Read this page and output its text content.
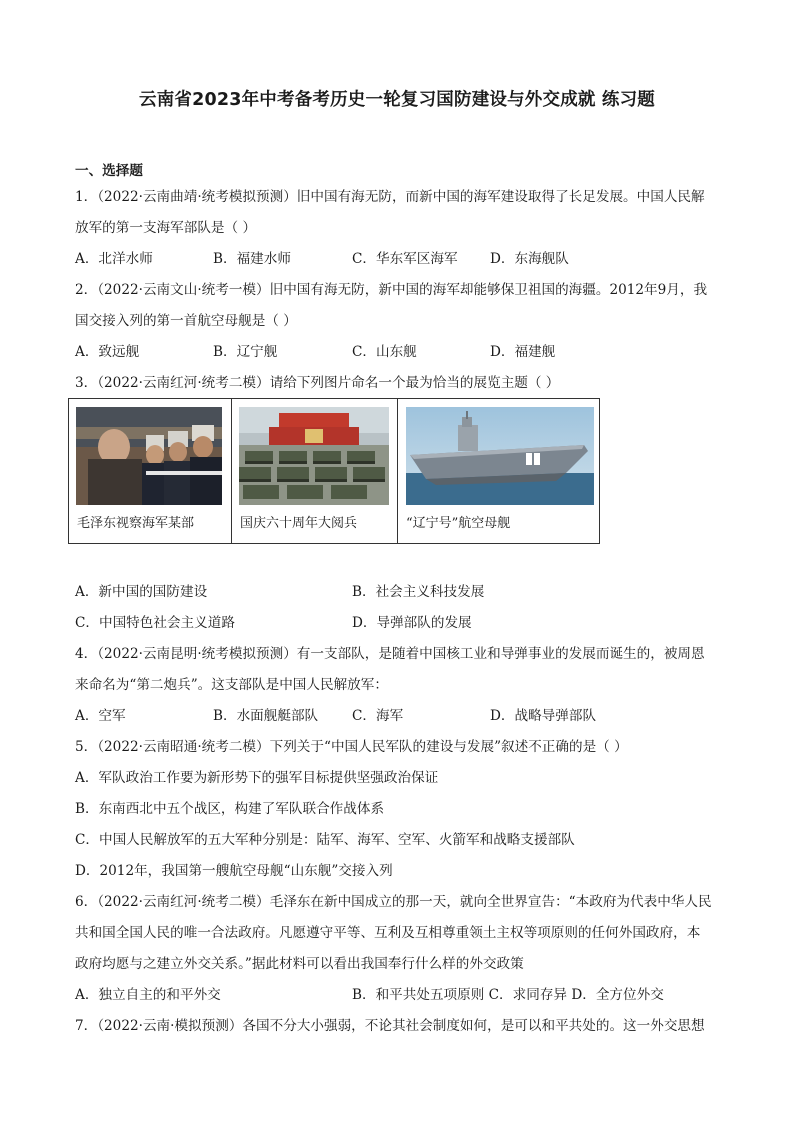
云南省2023年中考备考历史一轮复习国防建设与外交成就 练习题
一、选择题
1．（2022·云南曲靖·统考模拟预测）旧中国有海无防，而新中国的海军建设取得了长足发展。中国人民解
放军的第一支海军部队是（ ）
A．北洋水师	B．福建水师	C．华东军区海军 D．东海舰队
2．（2022·云南文山·统考一模）旧中国有海无防，新中国的海军却能够保卫祖国的海疆。2012年9月，我
国交接入列的第一首航空母舰是（ ）
A．致远舰	B．辽宁舰	C．山东舰	D．福建舰
3．（2022·云南红河·统考二模）请给下列图片命名一个最为恰当的展览主题（ ）
毛泽东视察海军某部	国庆六十周年大阅兵	“辽宁号”航空母舰
A．新中国的国防建设	B．社会主义科技发展
C．中国特色社会主义道路	D．导弹部队的发展
4．（2022·云南昆明·统考模拟预测）有一支部队，是随着中国核工业和导弹事业的发展而诞生的，被周恩
来命名为“第二炮兵”。这支部队是中国人民解放军：
A．空军	B．水面舰艇部队 C．海军	D．战略导弹部队
5．（2022·云南昭通·统考二模）下列关于“中国人民军队的建设与发展”叙述不正确的是（ ）
A．军队政治工作要为新形势下的强军目标提供坚强政治保证
B．东南西北中五个战区，构建了军队联合作战体系
C．中国人民解放军的五大军种分别是：陆军、海军、空军、火箭军和战略支援部队
D．2012年，我国第一艘航空母舰“山东舰”交接入列
6．（2022·云南红河·统考二模）毛泽东在新中国成立的那一天，就向全世界宣告：“本政府为代表中华人民
共和国全国人民的唯一合法政府。凡愿遵守平等、互利及互相尊重领土主权等项原则的任何外国政府，本
政府均愿与之建立外交关系。”据此材料可以看出我国奉行什么样的外交政策
A．独立自主的和平外交	B．和平共处五项原则 C．求同存异 D．全方位外交
7．（2022·云南·模拟预测）各国不分大小强弱，不论其社会制度如何，是可以和平共处的。这一外交思想
